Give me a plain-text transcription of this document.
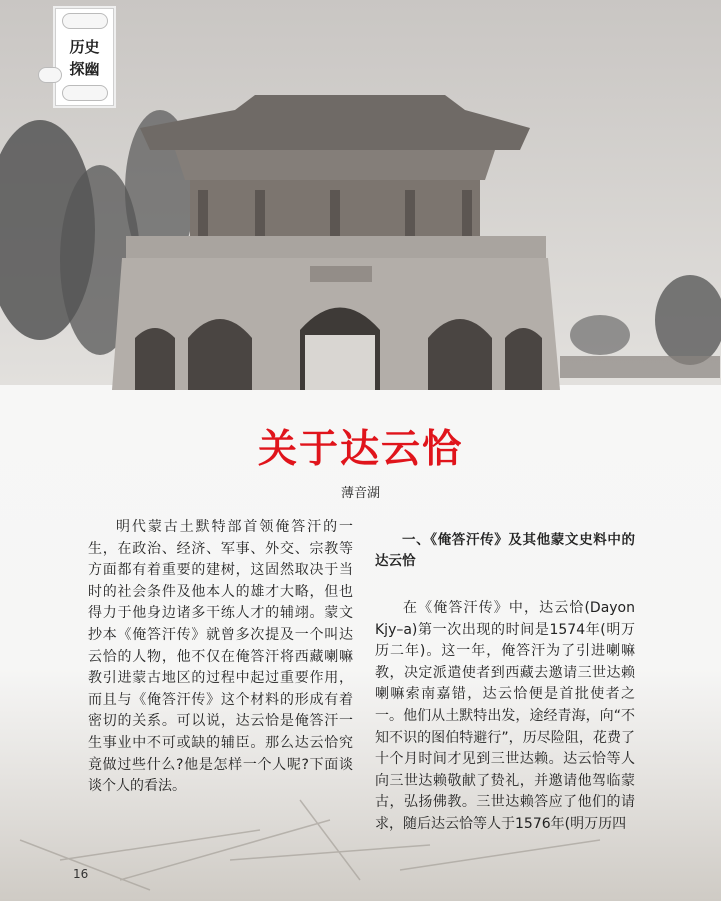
历史
探幽
关于达云恰
薄音湖

明代蒙古土默特部首领俺答汗的一生，在政治、经济、军事、外交、宗教等方面都有着重要的建树，这固然取决于当时的社会条件及他本人的雄才大略，但也得力于他身边诸多干练人才的辅翊。蒙文抄本《俺答汗传》就曾多次提及一个叫达云恰的人物，他不仅在俺答汗将西藏喇嘛教引进蒙古地区的过程中起过重要作用，而且与《俺答汗传》这个材料的形成有着密切的关系。可以说，达云恰是俺答汗一生事业中不可或缺的辅臣。那么达云恰究竟做过些什么?他是怎样一个人呢?下面谈谈个人的看法。

一、《俺答汗传》及其他蒙文史料中的达云恰

在《俺答汗传》中，达云恰(Dayon Kjy–a)第一次出现的时间是1574年(明万历二年)。这一年，俺答汗为了引进喇嘛教，决定派遣使者到西藏去邀请三世达赖喇嘛索南嘉错，达云恰便是首批使者之一。他们从土默特出发，途经青海，向“不知不识的图伯特避行”，历尽险阻，花费了十个月时间才见到三世达赖。达云恰等人向三世达赖敬献了贽礼，并邀请他驾临蒙古，弘扬佛教。三世达赖答应了他们的请求，随后达云恰等人于1576年(明万历四

16
